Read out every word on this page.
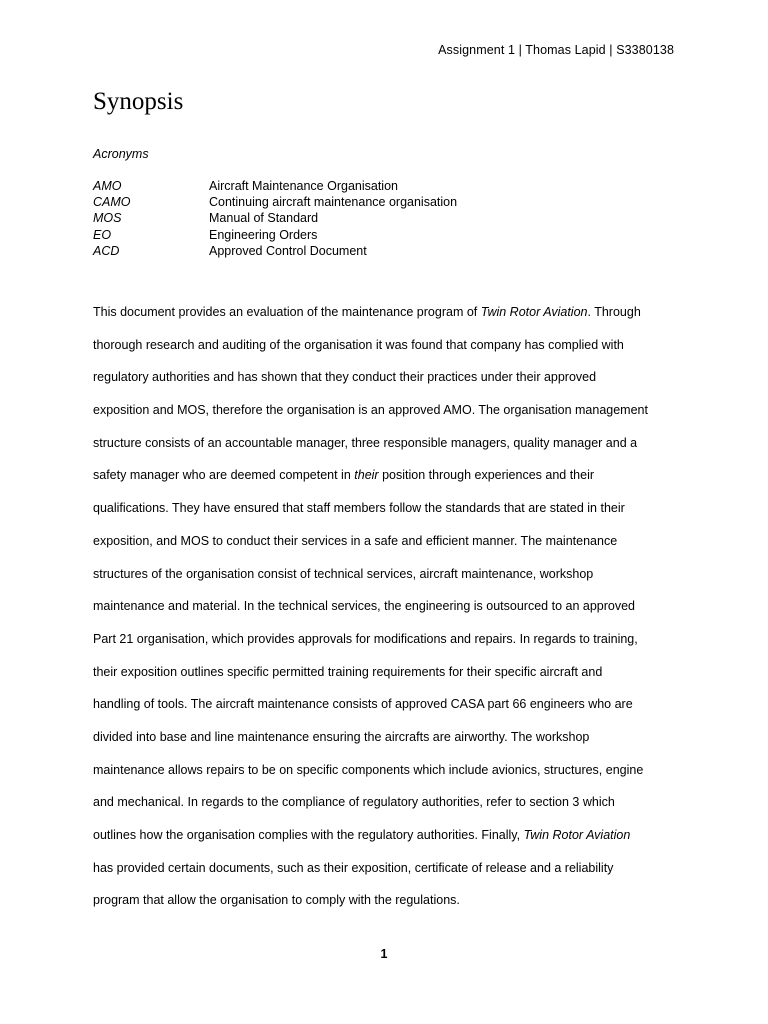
Assignment 1 | Thomas Lapid | S3380138
Synopsis
Acronyms
AMO	Aircraft Maintenance Organisation
CAMO	Continuing aircraft maintenance organisation
MOS	Manual of Standard
EO	Engineering Orders
ACD	Approved Control Document
This document provides an evaluation of the maintenance program of Twin Rotor Aviation. Through
thorough research and auditing of the organisation it was found that company has complied with
regulatory authorities and has shown that they conduct their practices under their approved
exposition and MOS, therefore the organisation is an approved AMO. The organisation management
structure consists of an accountable manager, three responsible managers, quality manager and a
safety manager who are deemed competent in their position through experiences and their
qualifications. They have ensured that staff members follow the standards that are stated in their
exposition, and MOS to conduct their services in a safe and efficient manner. The maintenance
structures of the organisation consist of technical services, aircraft maintenance, workshop
maintenance and material. In the technical services, the engineering is outsourced to an approved
Part 21 organisation, which provides approvals for modifications and repairs. In regards to training,
their exposition outlines specific permitted training requirements for their specific aircraft and
handling of tools. The aircraft maintenance consists of approved CASA part 66 engineers who are
divided into base and line maintenance ensuring the aircrafts are airworthy. The workshop
maintenance allows repairs to be on specific components which include avionics, structures, engine
and mechanical. In regards to the compliance of regulatory authorities, refer to section 3 which
outlines how the organisation complies with the regulatory authorities. Finally, Twin Rotor Aviation
has provided certain documents, such as their exposition, certificate of release and a reliability
program that allow the organisation to comply with the regulations.
1
